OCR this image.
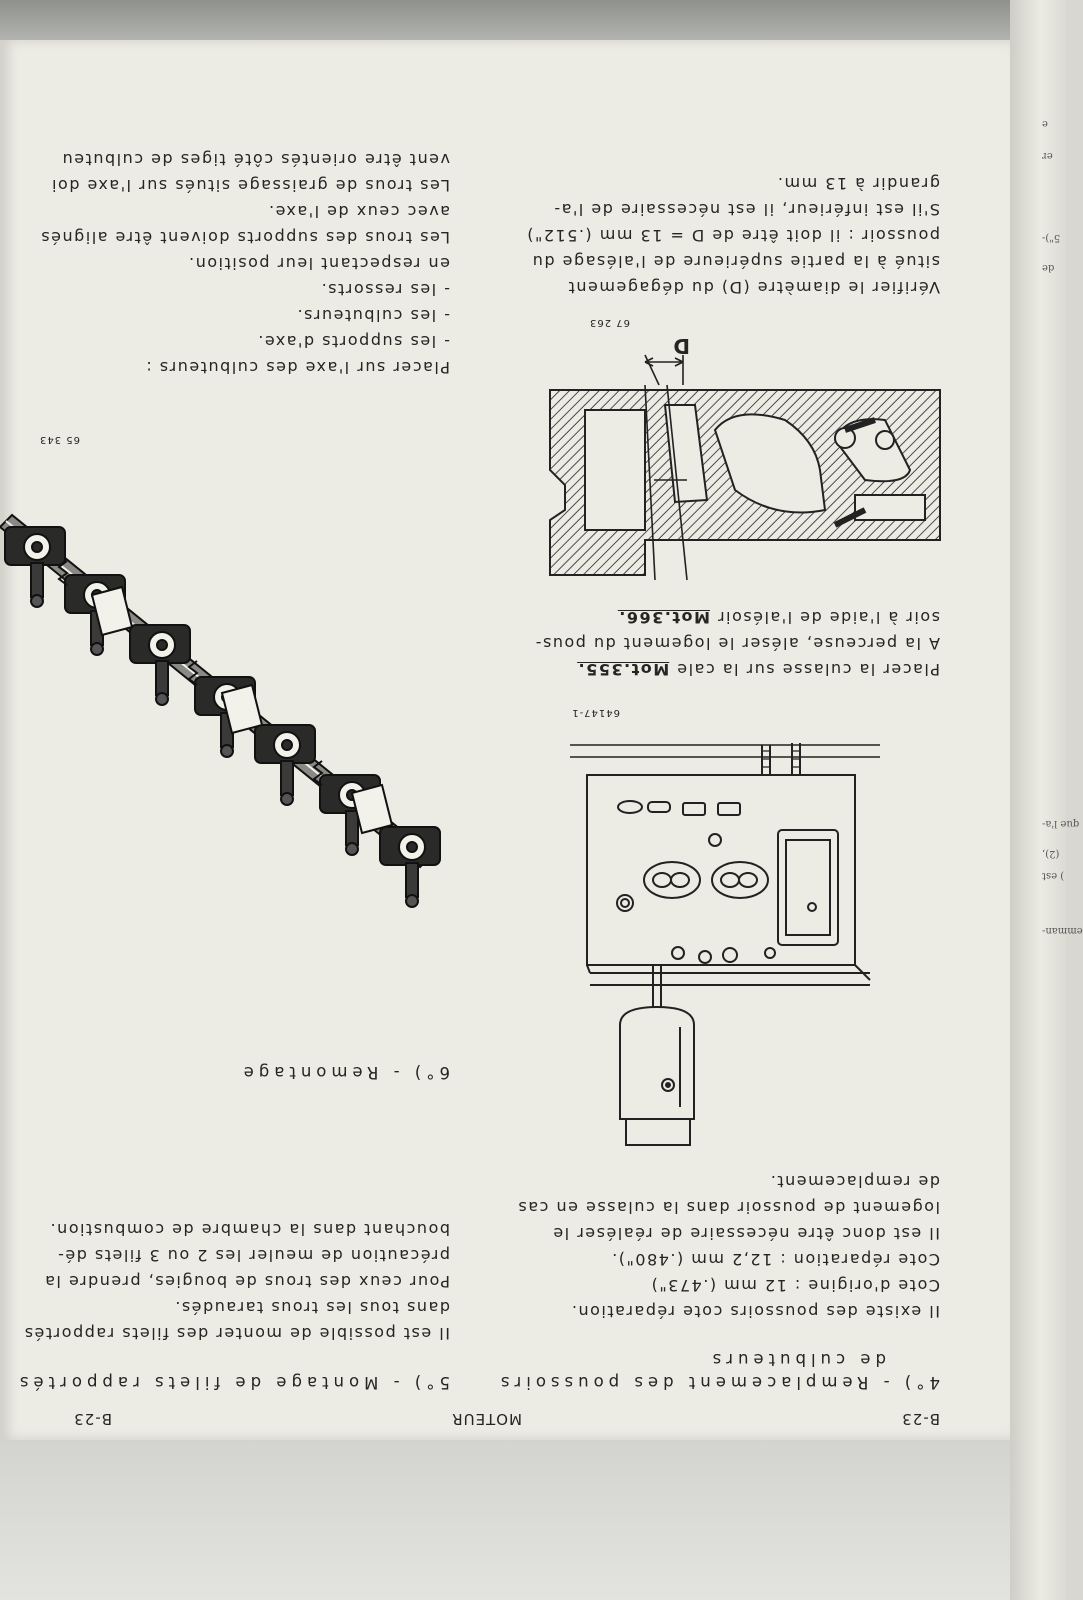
emman-
) est
(2),
que l'a-
de
5")-
er
e
B-23
MOTEUR
B-23
4°) - Remplacement des poussoirs
de culbuteurs
Il existe des poussoirs cote réparation.
Cote d'origine : 12 mm (.473")
Cote réparation : 12,2 mm (.480").
Il est donc être nécessaire de réaléser le
logement de poussoir dans la culasse en cas
de remplacement.
64147-1
Placer la culasse sur la cale Mot.355.
A la perceuse, aléser le logement du pous-
soir à l'aide de l'alésoir Mot.366.
D
67 263
Vérifier le diamètre (D) du dégagement
situé à la partie supérieure de l'alésage du
poussoir : il doit être de D = 13 mm (.512")
S'il est inférieur, il est nécessaire de l'a-
grandir à 13 mm.
5°) - Montage de filets rapportés
Il est possible de monter des filets rapportés
dans tous les trous taraudés.
Pour ceux des trous de bougies, prendre la
précaution de meuler les 2 ou 3 filets dé-
bouchant dans la chambre de combustion.
6°) - Remontage
65 343
Placer sur l'axe des culbuteurs :
- les supports d'axe.
- les culbuteurs.
- les ressorts.
en respectant leur position.
Les trous des supports doivent être alignés
avec ceux de l'axe.
Les trous de graissage situés sur l'axe doi
vent être orientés côté tiges de culbuteu
